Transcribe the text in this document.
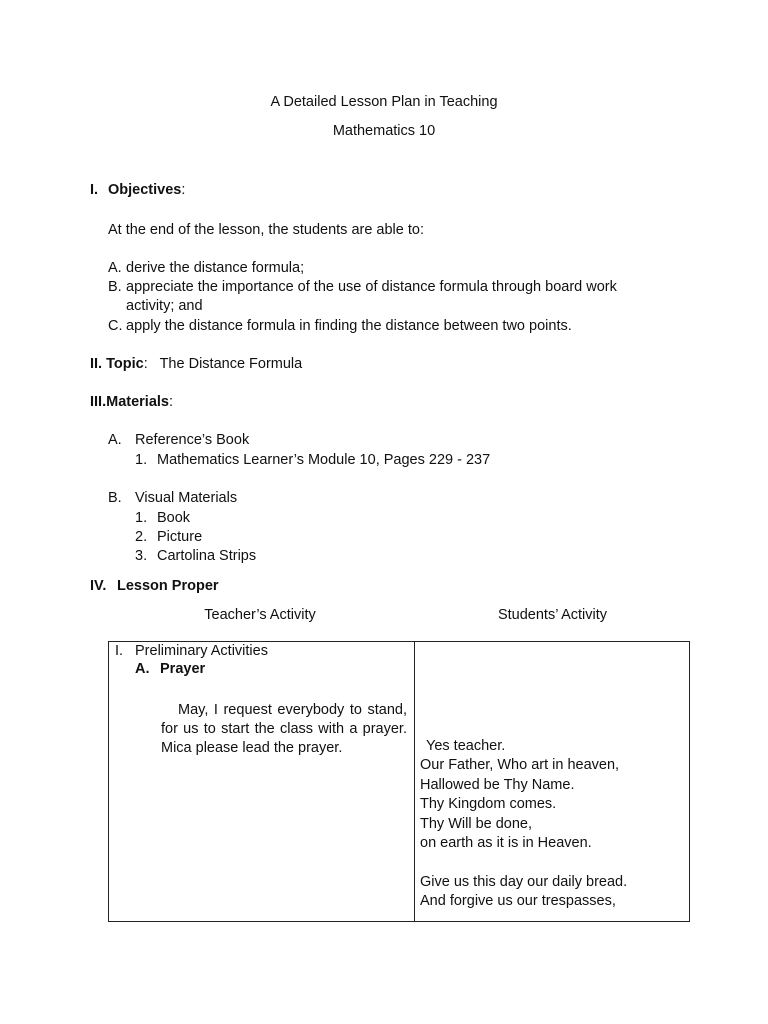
A Detailed Lesson Plan in Teaching
Mathematics 10
I. Objectives:
At the end of the lesson, the students are able to:
A. derive the distance formula;
B. appreciate the importance of the use of distance formula through board work
activity; and
C. apply the distance formula in finding the distance between two points.
II. Topic:   The Distance Formula
III.Materials:
A. Reference’s Book
1. Mathematics Learner’s Module 10, Pages 229 - 237
B. Visual Materials
1. Book
2. Picture
3. Cartolina Strips
IV. Lesson Proper
Teacher’s Activity	Students’ Activity
I. Preliminary Activities
A. Prayer
May, I request everybody to stand, for us to start the class with a prayer. Mica please lead the prayer.	Yes teacher.
Our Father, Who art in heaven,
Hallowed be Thy Name.
Thy Kingdom comes.
Thy Will be done,
on earth as it is in Heaven.
Give us this day our daily bread.
And forgive us our trespasses,
